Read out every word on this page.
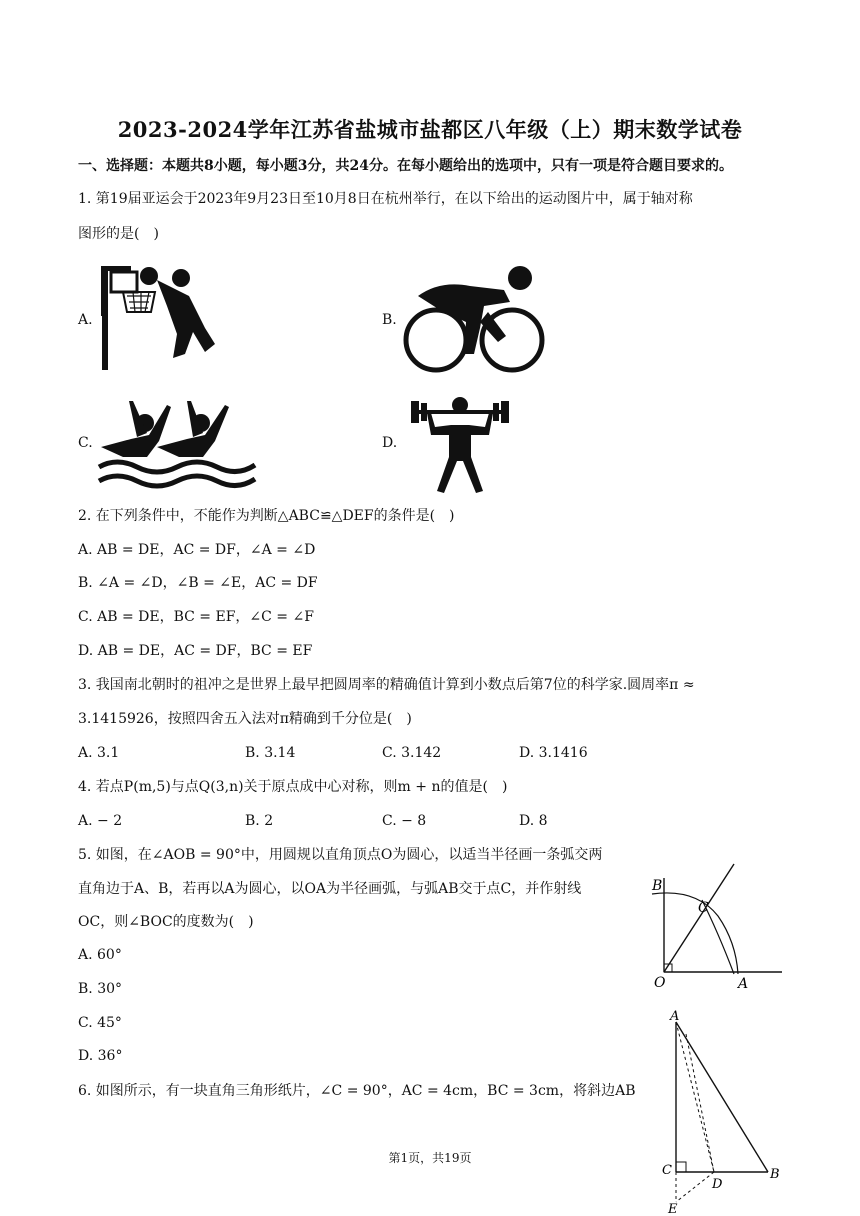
2023-2024学年江苏省盐城市盐都区八年级（上）期末数学试卷
一、选择题：本题共8小题，每小题3分，共24分。在每小题给出的选项中，只有一项是符合题目要求的。
1. 第19届亚运会于2023年9月23日至10月8日在杭州举行，在以下给出的运动图片中，属于轴对称
图形的是(　)
A.	B.
C.	D.
2. 在下列条件中，不能作为判断△ABC≌△DEF的条件是(　)
A. AB = DE，AC = DF，∠A = ∠D
B. ∠A = ∠D，∠B = ∠E，AC = DF
C. AB = DE，BC = EF，∠C = ∠F
D. AB = DE，AC = DF，BC = EF
3. 我国南北朝时的祖冲之是世界上最早把圆周率的精确值计算到小数点后第7位的科学家.圆周率π ≈
3.1415926，按照四舍五入法对π精确到千分位是(　)
A. 3.1	B. 3.14	C. 3.142	D. 3.1416
4. 若点P(m,5)与点Q(3,n)关于原点成中心对称，则m + n的值是(　)
A. − 2	B. 2	C. − 8	D. 8
5. 如图，在∠AOB = 90°中，用圆规以直角顶点O为圆心，以适当半径画一条弧交两
直角边于A、B，若再以A为圆心，以OA为半径画弧，与弧AB交于点C，并作射线
OC，则∠BOC的度数为(　)
A. 60°
B. 30°
C. 45°
D. 36°
B
C
O	A
6. 如图所示，有一块直角三角形纸片，∠C = 90°，AC = 4cm，BC = 3cm，将斜边AB
A
C
D
B
E
第1页，共19页
